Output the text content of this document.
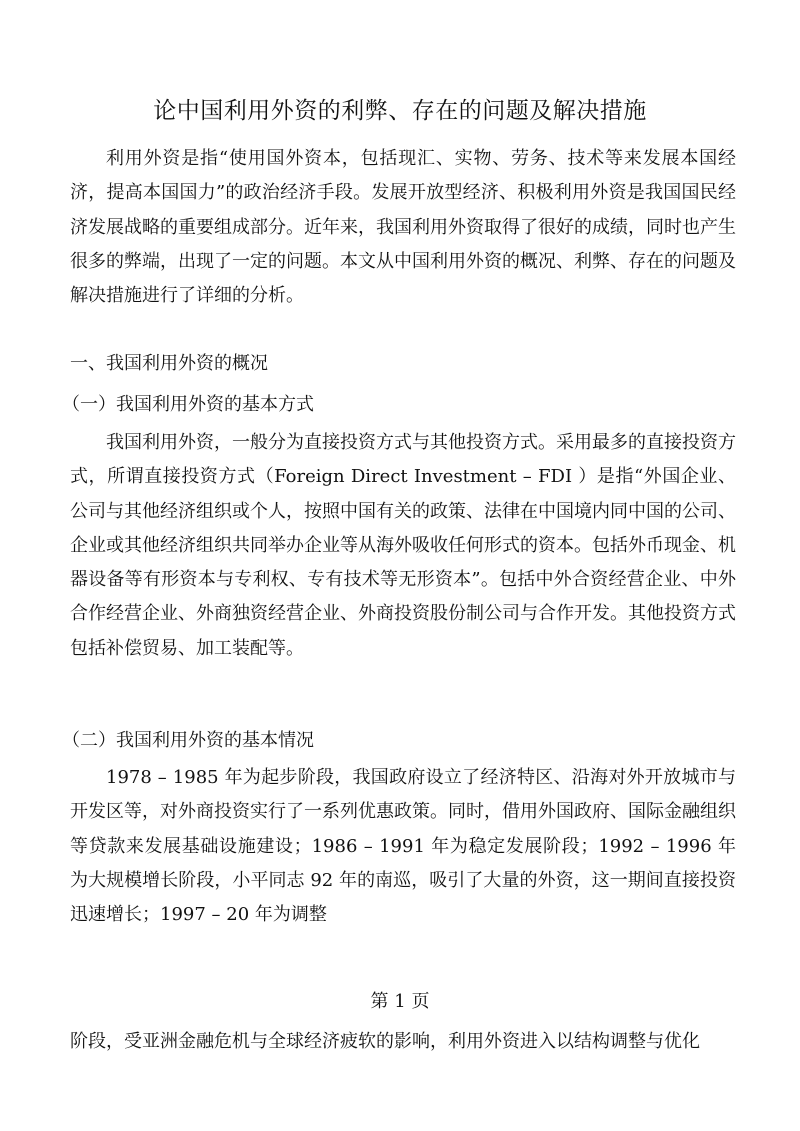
论中国利用外资的利弊、存在的问题及解决措施
利用外资是指“使用国外资本，包括现汇、实物、劳务、技术等来发展本国经济，提高本国国力”的政治经济手段。发展开放型经济、积极利用外资是我国国民经济发展战略的重要组成部分。近年来，我国利用外资取得了很好的成绩，同时也产生很多的弊端，出现了一定的问题。本文从中国利用外资的概况、利弊、存在的问题及解决措施进行了详细的分析。
一、我国利用外资的概况
（一）我国利用外资的基本方式
我国利用外资，一般分为直接投资方式与其他投资方式。采用最多的直接投资方式，所谓直接投资方式（Foreign Direct Investment – FDI ）是指“外国企业、公司与其他经济组织或个人，按照中国有关的政策、法律在中国境内同中国的公司、企业或其他经济组织共同举办企业等从海外吸收任何形式的资本。包括外币现金、机器设备等有形资本与专利权、专有技术等无形资本”。包括中外合资经营企业、中外合作经营企业、外商独资经营企业、外商投资股份制公司与合作开发。其他投资方式包括补偿贸易、加工装配等。
（二）我国利用外资的基本情况
1978 – 1985 年为起步阶段，我国政府设立了经济特区、沿海对外开放城市与开发区等，对外商投资实行了一系列优惠政策。同时，借用外国政府、国际金融组织等贷款来发展基础设施建设；1986 – 1991 年为稳定发展阶段；1992 – 1996 年为大规模增长阶段，小平同志 92 年的南巡，吸引了大量的外资，这一期间直接投资迅速增长；1997 – 20 年为调整
第 1 页
阶段，受亚洲金融危机与全球经济疲软的影响，利用外资进入以结构调整与优化
